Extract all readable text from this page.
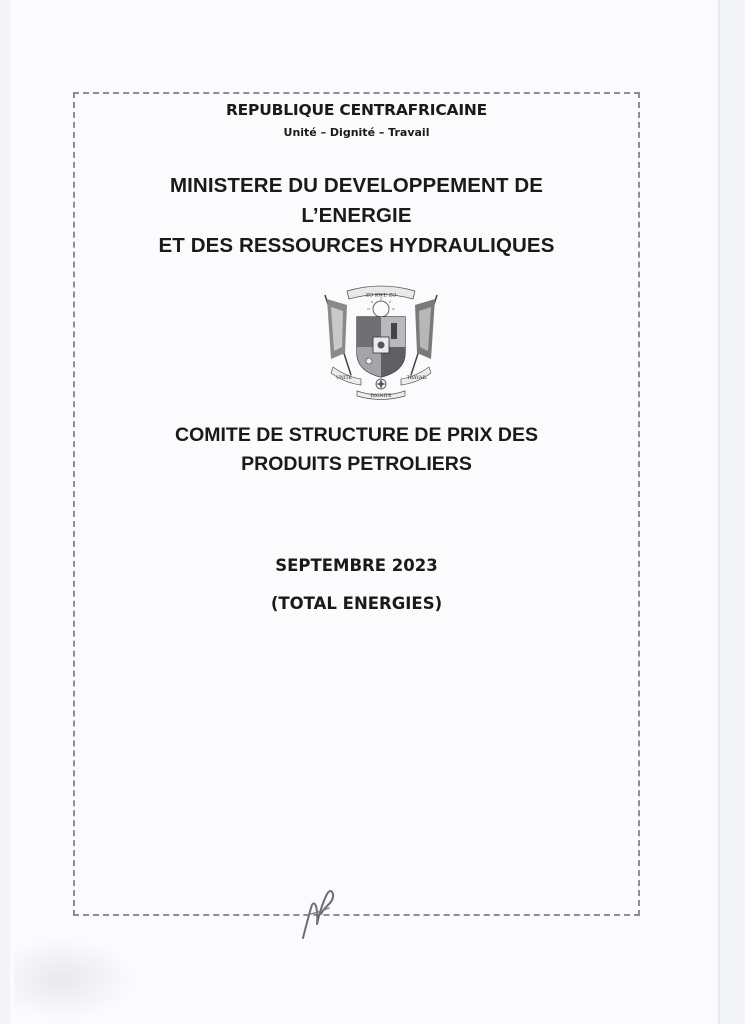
REPUBLIQUE CENTRAFRICAINE
Unité – Dignité – Travail
MINISTERE DU DEVELOPPEMENT DE
L’ENERGIE
ET DES RESSOURCES HYDRAULIQUES
ZO KWE ZO
UNITE	TRAVAIL
DIGNITE
COMITE DE STRUCTURE DE PRIX DES
PRODUITS PETROLIERS
SEPTEMBRE 2023
(TOTAL ENERGIES)
